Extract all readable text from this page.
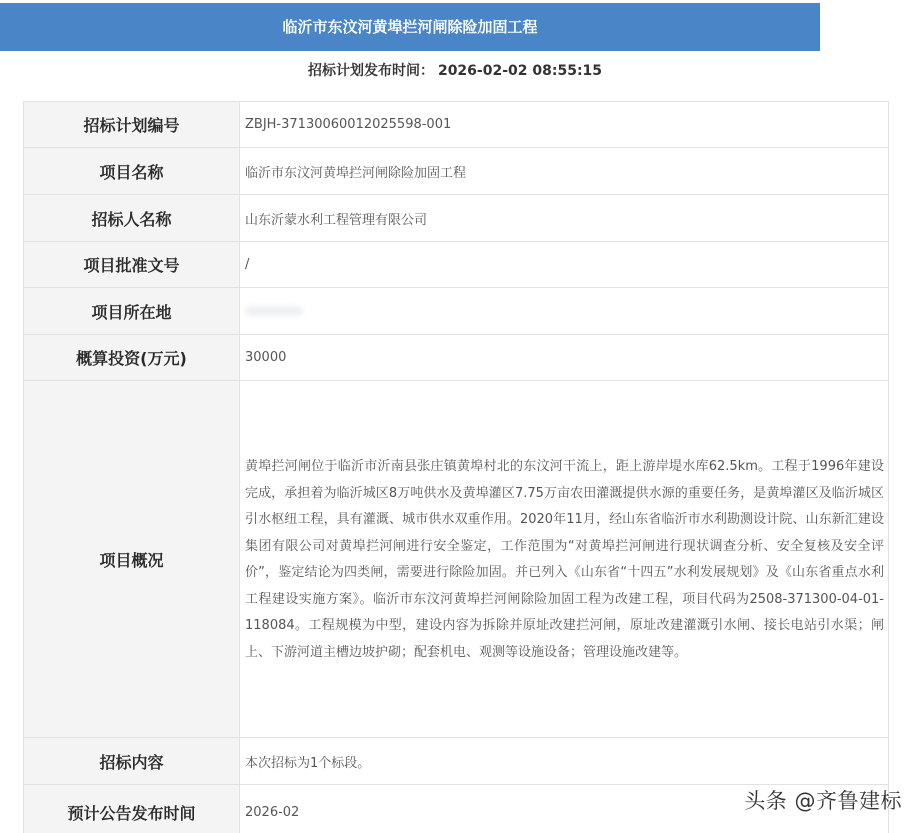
临沂市东汶河黄埠拦河闸除险加固工程
招标计划发布时间： 2026-02-02 08:55:15
招标计划编号	ZBJH-37130060012025598-001
项目名称	临沂市东汶河黄埠拦河闸除险加固工程
招标人名称	山东沂蒙水利工程管理有限公司
项目批准文号	/
项目所在地	
概算投资(万元)	30000
项目概况	黄埠拦河闸位于临沂市沂南县张庄镇黄埠村北的东汶河干流上，距上游岸堤水库62.5km。工程于1996年建设完成，承担着为临沂城区8万吨供水及黄埠灌区7.75万亩农田灌溉提供水源的重要任务，是黄埠灌区及临沂城区引水枢纽工程，具有灌溉、城市供水双重作用。2020年11月，经山东省临沂市水利勘测设计院、山东新汇建设集团有限公司对黄埠拦河闸进行安全鉴定，工作范围为“对黄埠拦河闸进行现状调查分析、安全复核及安全评价”，鉴定结论为四类闸，需要进行除险加固。并已列入《山东省“十四五”水利发展规划》及《山东省重点水利工程建设实施方案》。临沂市东汶河黄埠拦河闸除险加固工程为改建工程，项目代码为2508-371300-04-01-118084。工程规模为中型，建设内容为拆除并原址改建拦河闸，原址改建灌溉引水闸、接长电站引水渠；闸上、下游河道主槽边坡护砌；配套机电、观测等设施设备；管理设施改建等。

招标内容	本次招标为1个标段。
预计公告发布时间	2026-02	头条 @齐鲁建标
